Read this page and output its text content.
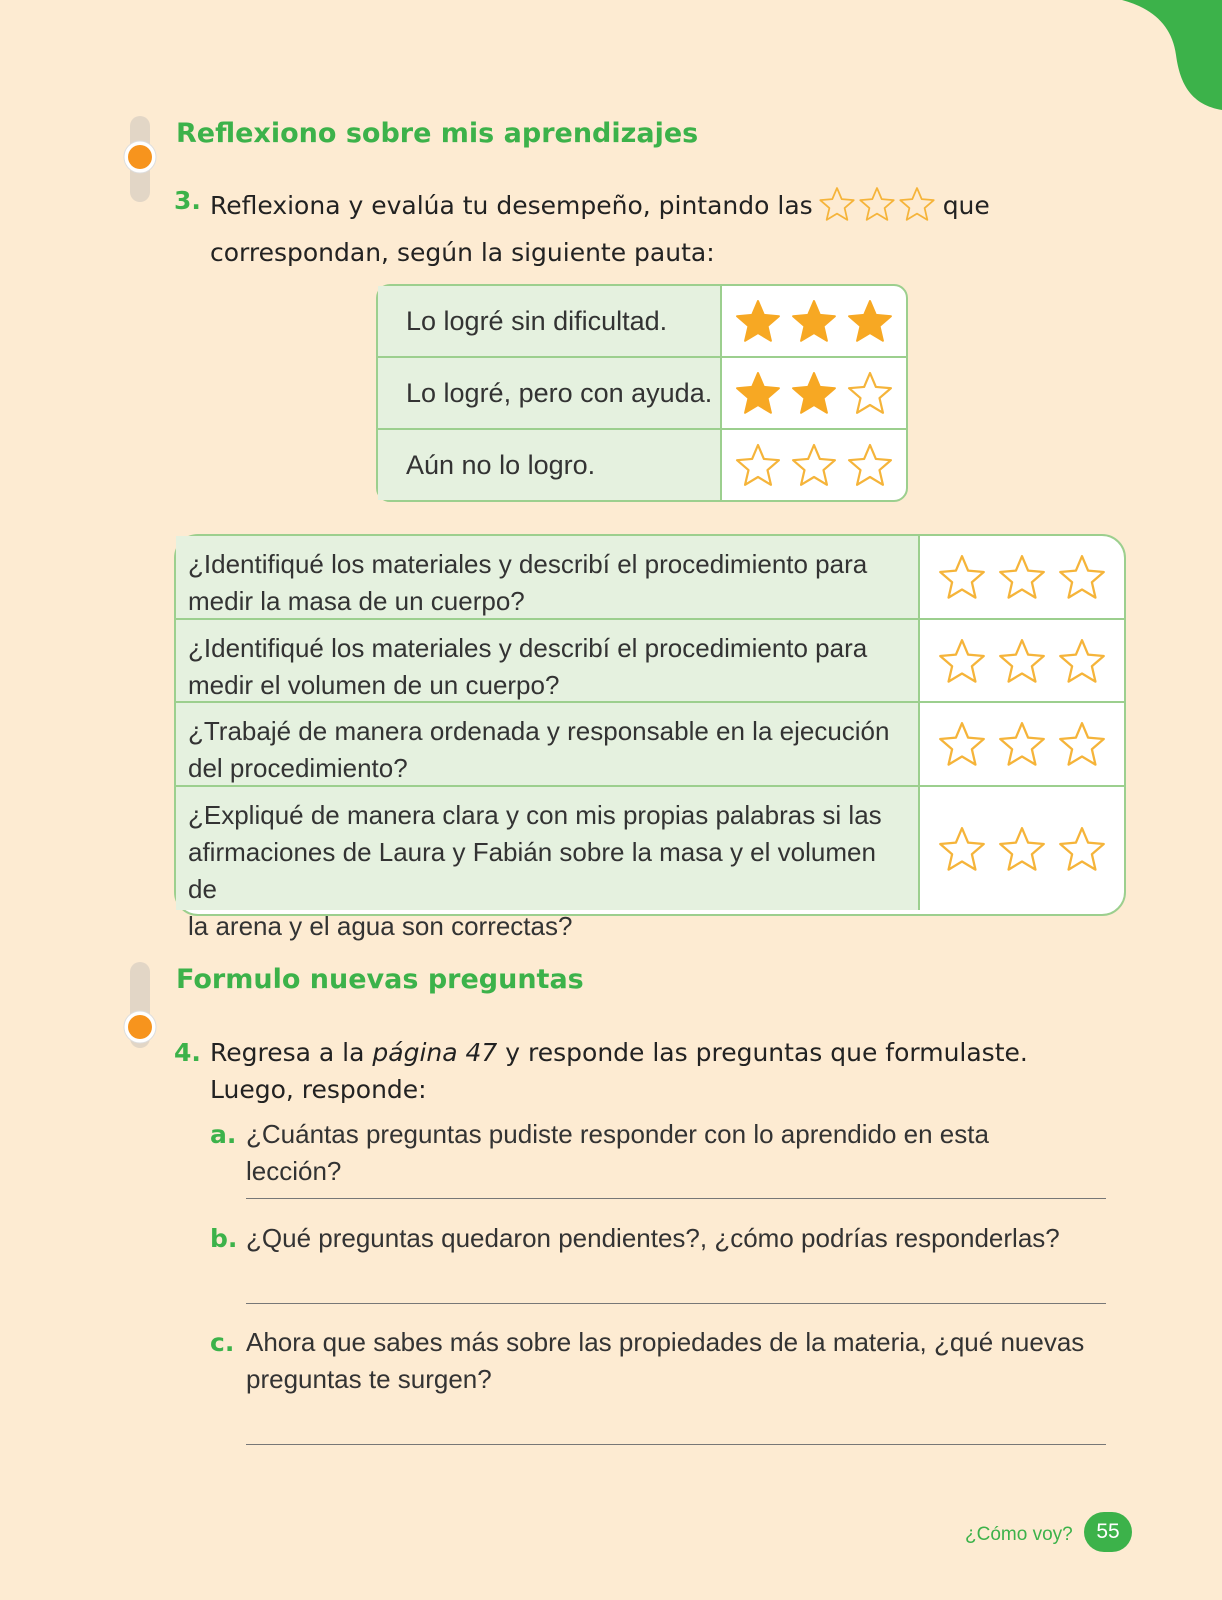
Reflexiono sobre mis aprendizajes
3. Reflexiona y evalúa tu desempeño, pintando las	que
correspondan, según la siguiente pauta:
Lo logré sin dificultad.
Lo logré, pero con ayuda.
Aún no lo logro.
¿Identifiqué los materiales y describí el procedimiento para
medir la masa de un cuerpo?
¿Identifiqué los materiales y describí el procedimiento para
medir el volumen de un cuerpo?
¿Trabajé de manera ordenada y responsable en la ejecución
del procedimiento?
¿Expliqué de manera clara y con mis propias palabras si las
afirmaciones de Laura y Fabián sobre la masa y el volumen de
la arena y el agua son correctas?
Formulo nuevas preguntas
4. Regresa a la página 47 y responde las preguntas que formulaste.
Luego, responde:
a. ¿Cuántas preguntas pudiste responder con lo aprendido en esta lección?
b. ¿Qué preguntas quedaron pendientes?, ¿cómo podrías responderlas?
c. Ahora que sabes más sobre las propiedades de la materia, ¿qué nuevas
preguntas te surgen?
¿Cómo voy?	55
